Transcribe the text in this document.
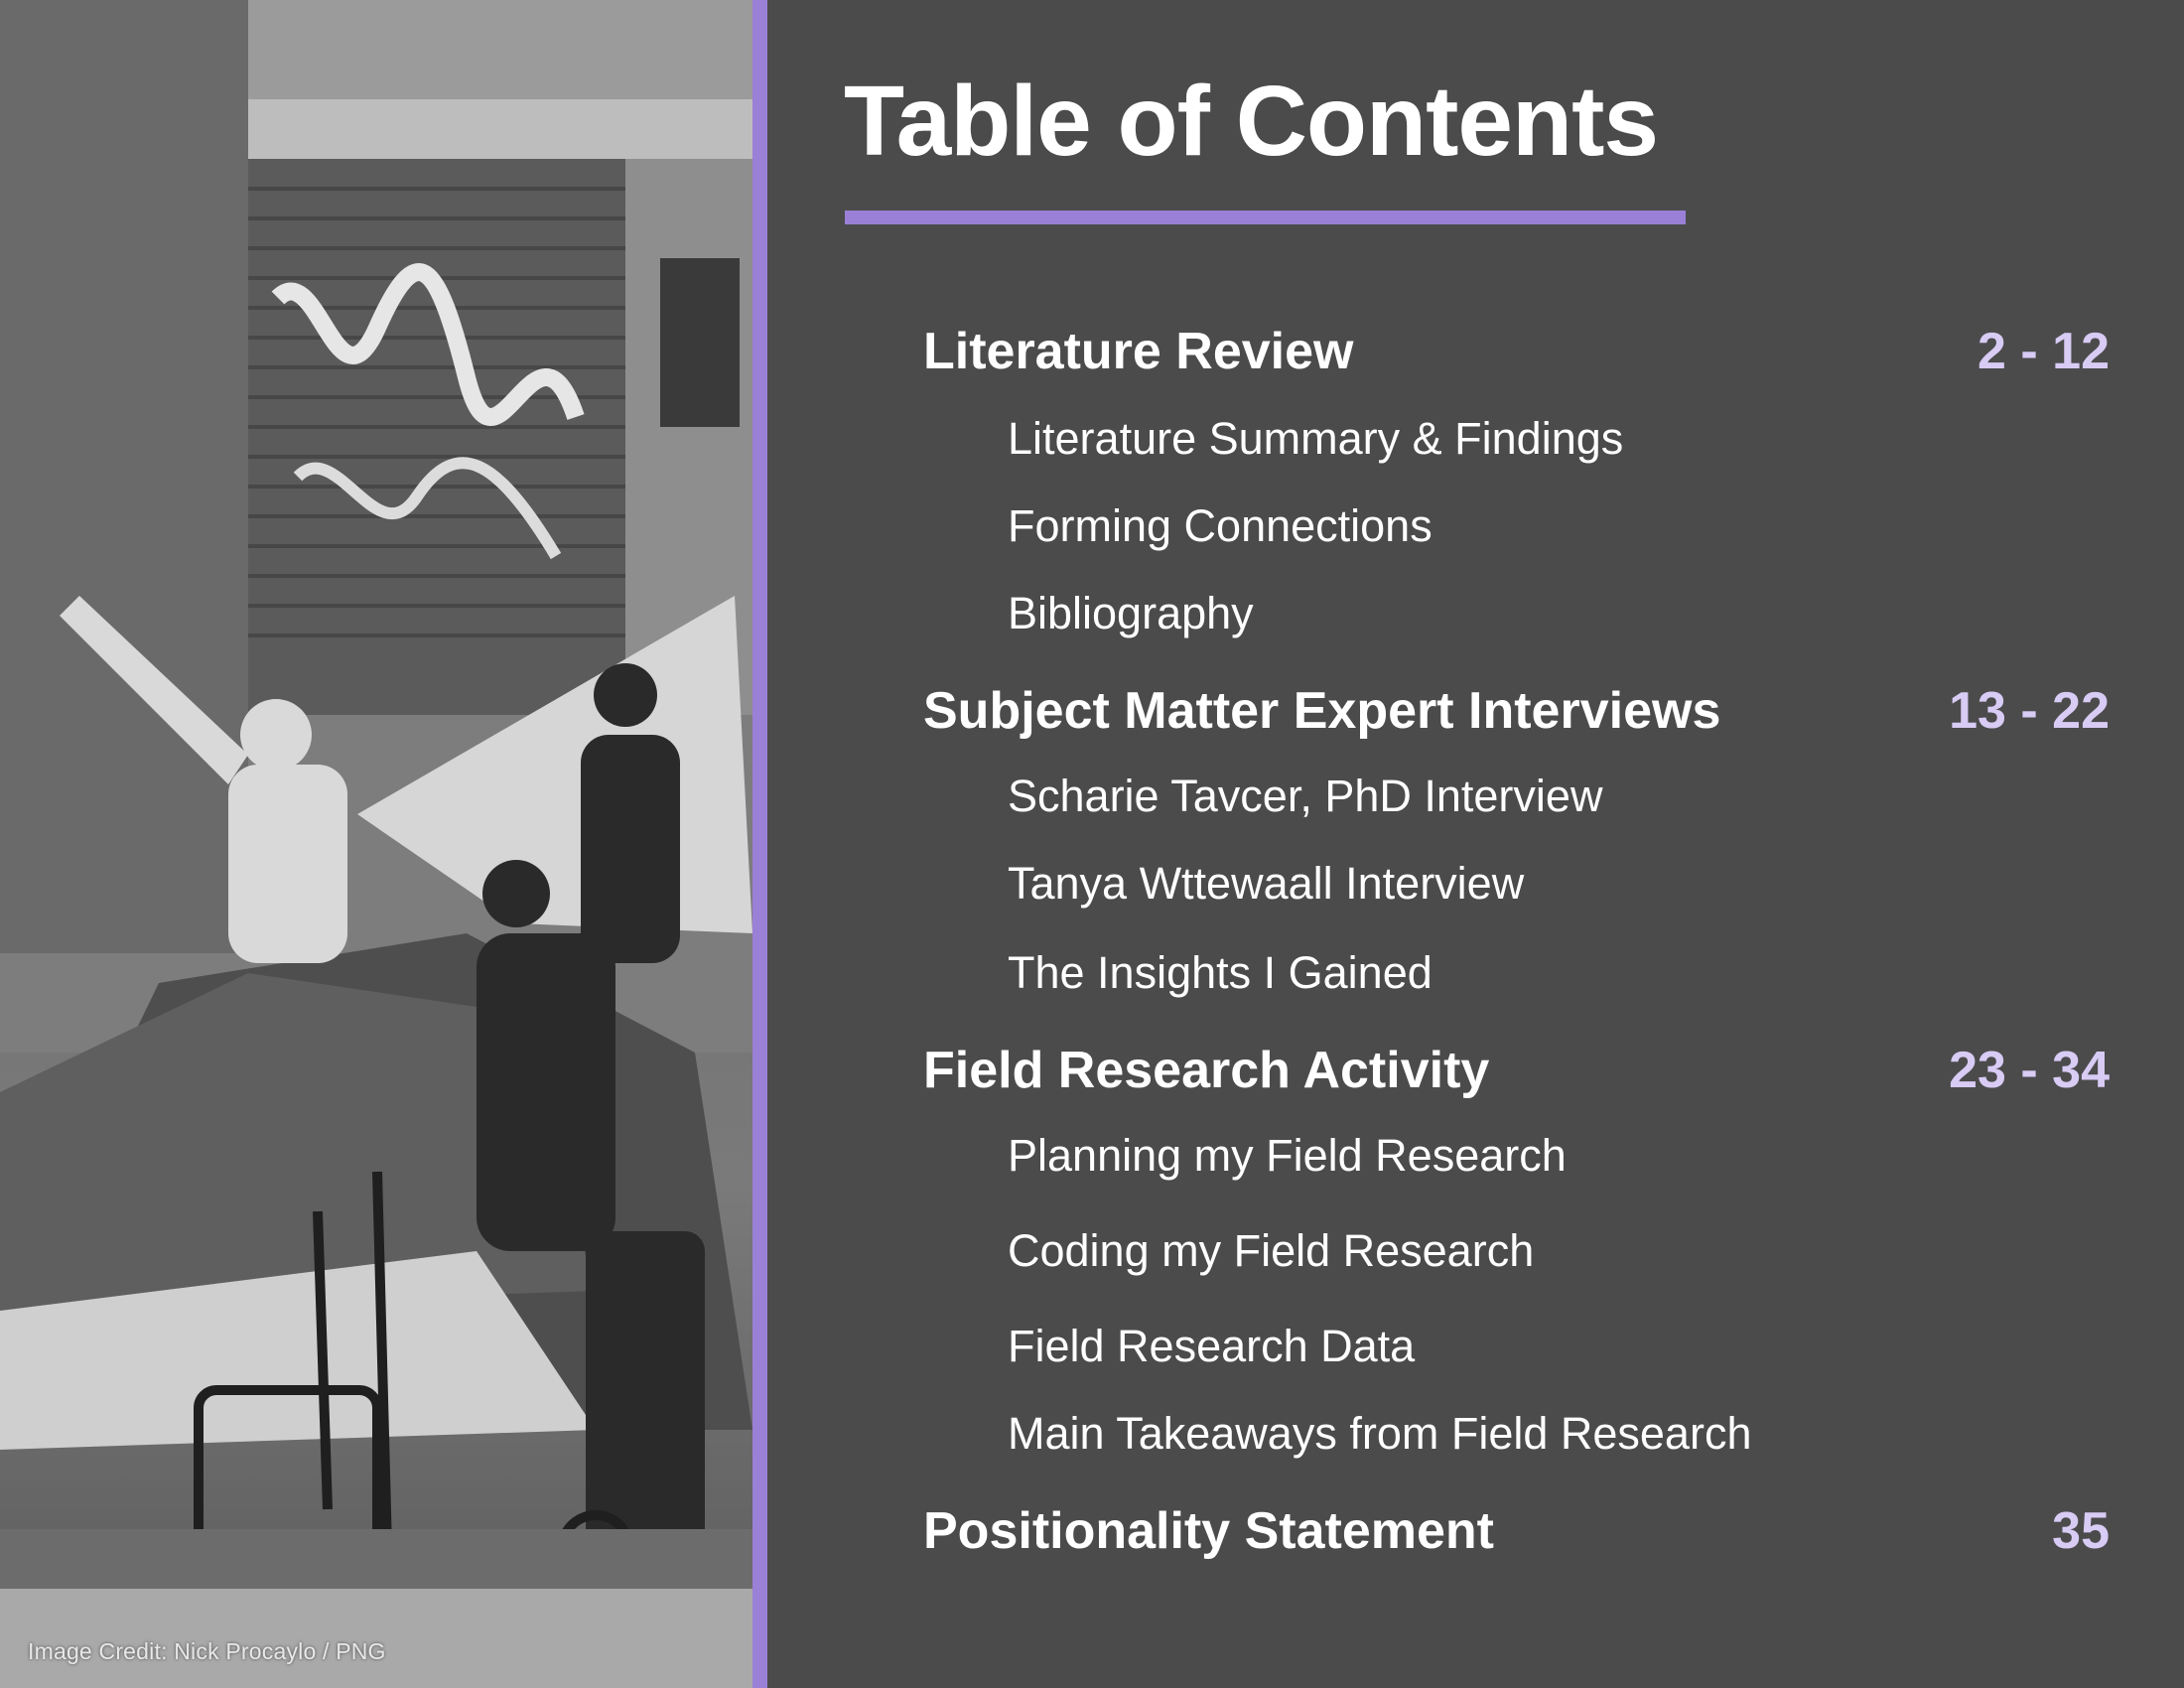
Image Credit: Nick Procaylo / PNG
Table of Contents
Literature Review	2 - 12
Literature Summary & Findings
Forming Connections
Bibliography
Subject Matter Expert Interviews	13 - 22
Scharie Tavcer, PhD Interview
Tanya Wttewaall Interview
The Insights I Gained
Field Research Activity	23 - 34
Planning my Field Research
Coding my Field Research
Field Research Data
Main Takeaways from Field Research
Positionality Statement	35
